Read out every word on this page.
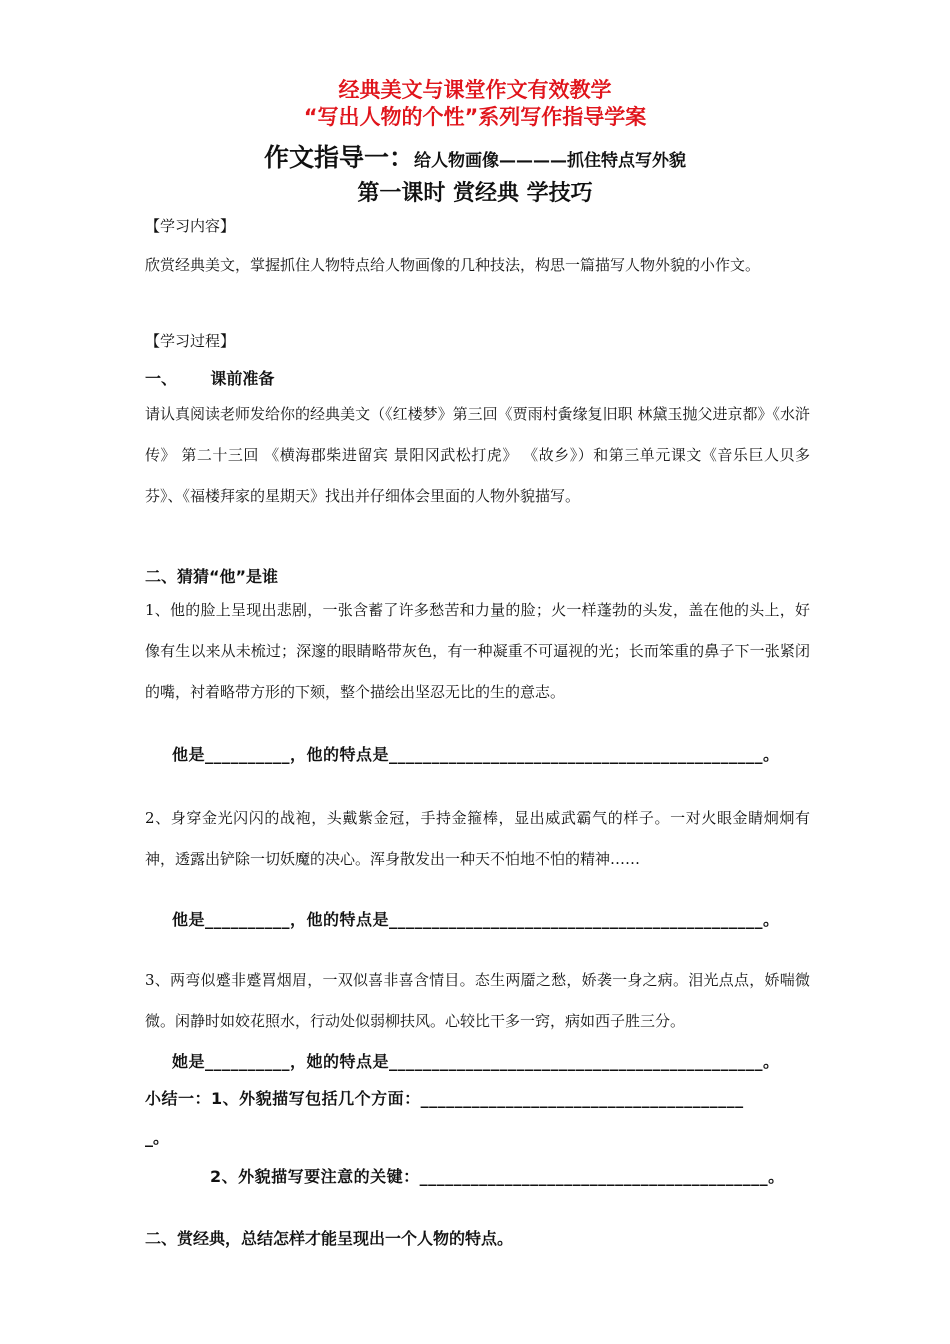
经典美文与课堂作文有效教学
“写出人物的个性”系列写作指导学案
作文指导一：给人物画像————抓住特点写外貌
第一课时 赏经典 学技巧
【学习内容】
欣赏经典美文，掌握抓住人物特点给人物画像的几种技法，构思一篇描写人物外貌的小作文。
【学习过程】
一、      课前准备
请认真阅读老师发给你的经典美文（《红楼梦》第三回《贾雨村夤缘复旧职 林黛玉抛父进京都》《水浒传》 第二十三回 《横海郡柴进留宾 景阳冈武松打虎》 《故乡》）和第三单元课文《音乐巨人贝多芬》、《福楼拜家的星期天》找出并仔细体会里面的人物外貌描写。
二、猜猜“他”是谁
1、他的脸上呈现出悲剧，一张含蓄了许多愁苦和力量的脸；火一样蓬勃的头发，盖在他的头上，好像有生以来从未梳过；深邃的眼睛略带灰色，有一种凝重不可逼视的光；长而笨重的鼻子下一张紧闭的嘴，衬着略带方形的下颏，整个描绘出坚忍无比的生的意志。
他是__________，他的特点是____________________________________________。
2、身穿金光闪闪的战袍，头戴紫金冠，手持金箍棒，显出威武霸气的样子。一对火眼金睛炯炯有神，透露出铲除一切妖魔的决心。浑身散发出一种天不怕地不怕的精神……
他是__________，他的特点是____________________________________________。
3、两弯似蹙非蹙罥烟眉，一双似喜非喜含情目。态生两靥之愁，娇袭一身之病。泪光点点，娇喘微微。闲静时如姣花照水，行动处似弱柳扶风。心较比干多一窍，病如西子胜三分。
她是__________，她的特点是____________________________________________。
小结一：1、外貌描写包括几个方面：______________________________________
_。
2、外貌描写要注意的关键：_________________________________________。
二、赏经典，总结怎样才能呈现出一个人物的特点。
